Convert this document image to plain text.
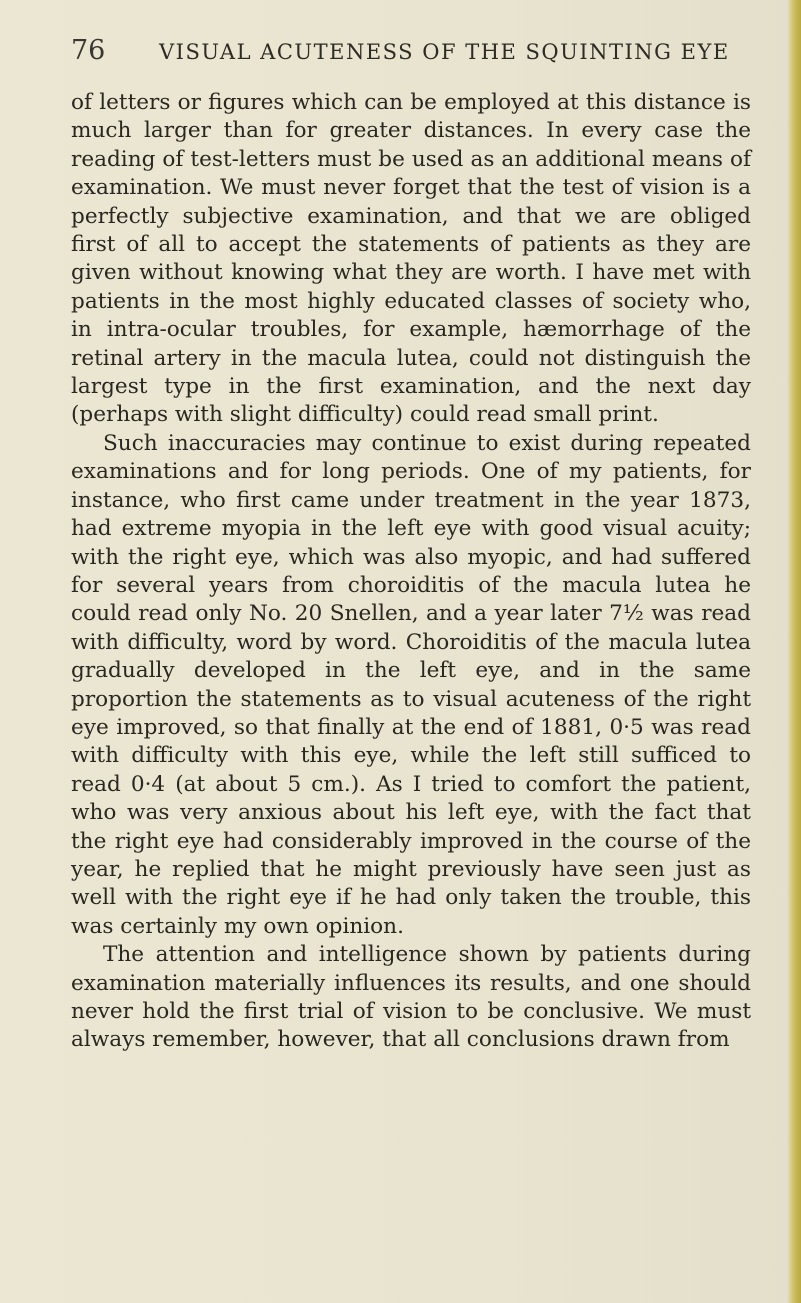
76	VISUAL ACUTENESS OF THE SQUINTING EYE

of letters or figures which can be employed at this distance is much larger than for greater distances. In every case the reading of test-letters must be used as an additional means of examination. We must never forget that the test of vision is a perfectly subjective examination, and that we are obliged first of all to accept the statements of patients as they are given without knowing what they are worth. I have met with patients in the most highly educated classes of society who, in intra-ocular troubles, for example, hæmorrhage of the retinal artery in the macula lutea, could not distinguish the largest type in the first examination, and the next day (perhaps with slight difficulty) could read small print.

Such inaccuracies may continue to exist during repeated examinations and for long periods. One of my patients, for instance, who first came under treatment in the year 1873, had extreme myopia in the left eye with good visual acuity; with the right eye, which was also myopic, and had suffered for several years from choroiditis of the macula lutea he could read only No. 20 Snellen, and a year later 7½ was read with difficulty, word by word. Choroiditis of the macula lutea gradually developed in the left eye, and in the same proportion the statements as to visual acuteness of the right eye improved, so that finally at the end of 1881, 0·5 was read with difficulty with this eye, while the left still sufficed to read 0·4 (at about 5 cm.). As I tried to comfort the patient, who was very anxious about his left eye, with the fact that the right eye had considerably improved in the course of the year, he replied that he might previously have seen just as well with the right eye if he had only taken the trouble, this was certainly my own opinion.

The attention and intelligence shown by patients during examination materially influences its results, and one should never hold the first trial of vision to be conclusive. We must always remember, however, that all conclusions drawn from
